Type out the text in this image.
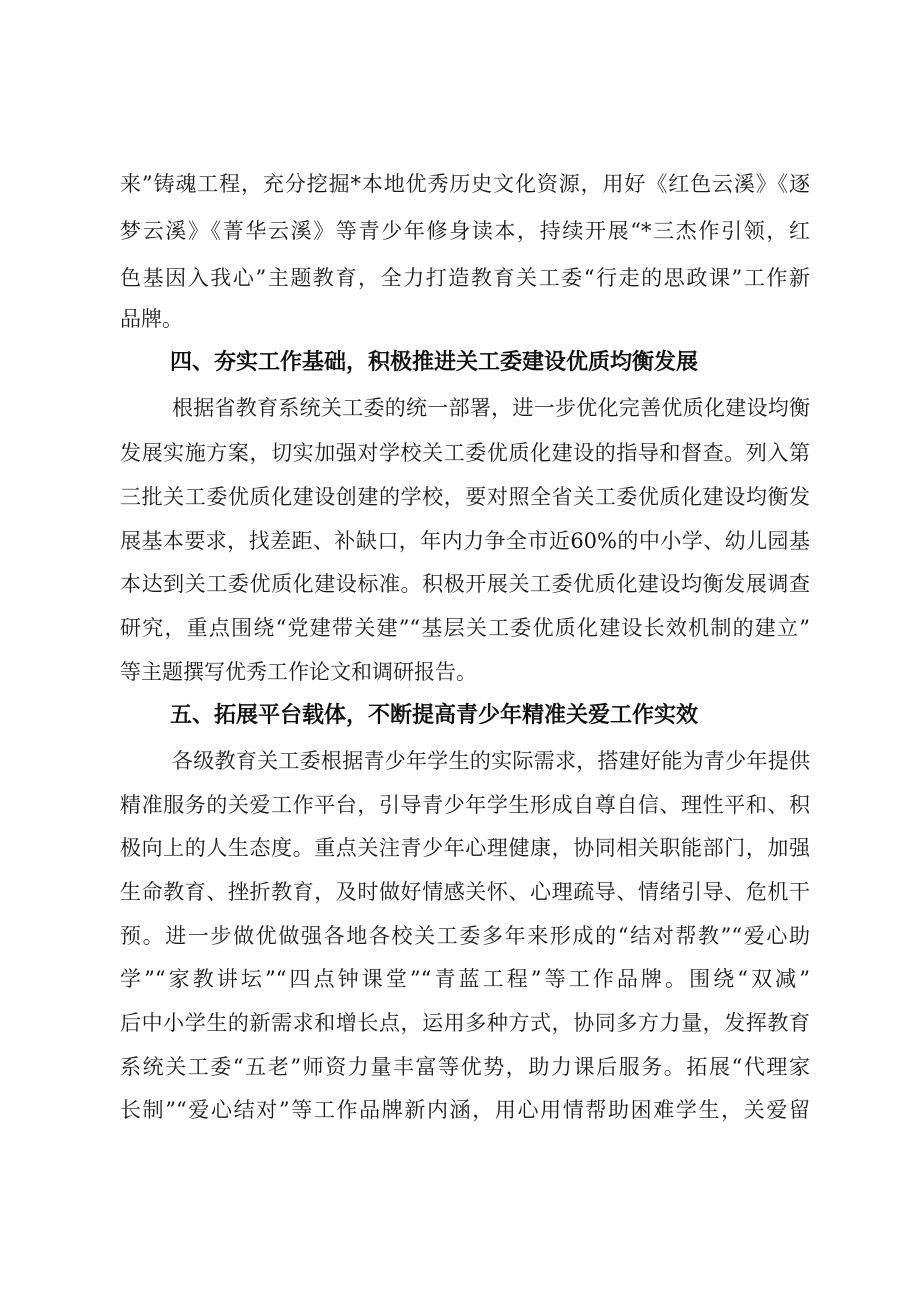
来”铸魂工程，充分挖掘*本地优秀历史文化资源，用好《红色云溪》《逐
梦云溪》《菁华云溪》等青少年修身读本，持续开展“*三杰作引领，红
色基因入我心”主题教育，全力打造教育关工委“行走的思政课”工作新
品牌。
四、夯实工作基础，积极推进关工委建设优质均衡发展
根据省教育系统关工委的统一部署，进一步优化完善优质化建设均衡
发展实施方案，切实加强对学校关工委优质化建设的指导和督查。列入第
三批关工委优质化建设创建的学校，要对照全省关工委优质化建设均衡发
展基本要求，找差距、补缺口，年内力争全市近60%的中小学、幼儿园基
本达到关工委优质化建设标准。积极开展关工委优质化建设均衡发展调查
研究，重点围绕“党建带关建”“基层关工委优质化建设长效机制的建立”
等主题撰写优秀工作论文和调研报告。
五、拓展平台载体，不断提高青少年精准关爱工作实效
各级教育关工委根据青少年学生的实际需求，搭建好能为青少年提供
精准服务的关爱工作平台，引导青少年学生形成自尊自信、理性平和、积
极向上的人生态度。重点关注青少年心理健康，协同相关职能部门，加强
生命教育、挫折教育，及时做好情感关怀、心理疏导、情绪引导、危机干
预。进一步做优做强各地各校关工委多年来形成的“结对帮教”“爱心助
学”“家教讲坛”“四点钟课堂”“青蓝工程”等工作品牌。围绕“双减”
后中小学生的新需求和增长点，运用多种方式，协同多方力量，发挥教育
系统关工委“五老”师资力量丰富等优势，助力课后服务。拓展“代理家
长制”“爱心结对”等工作品牌新内涵，用心用情帮助困难学生，关爱留
